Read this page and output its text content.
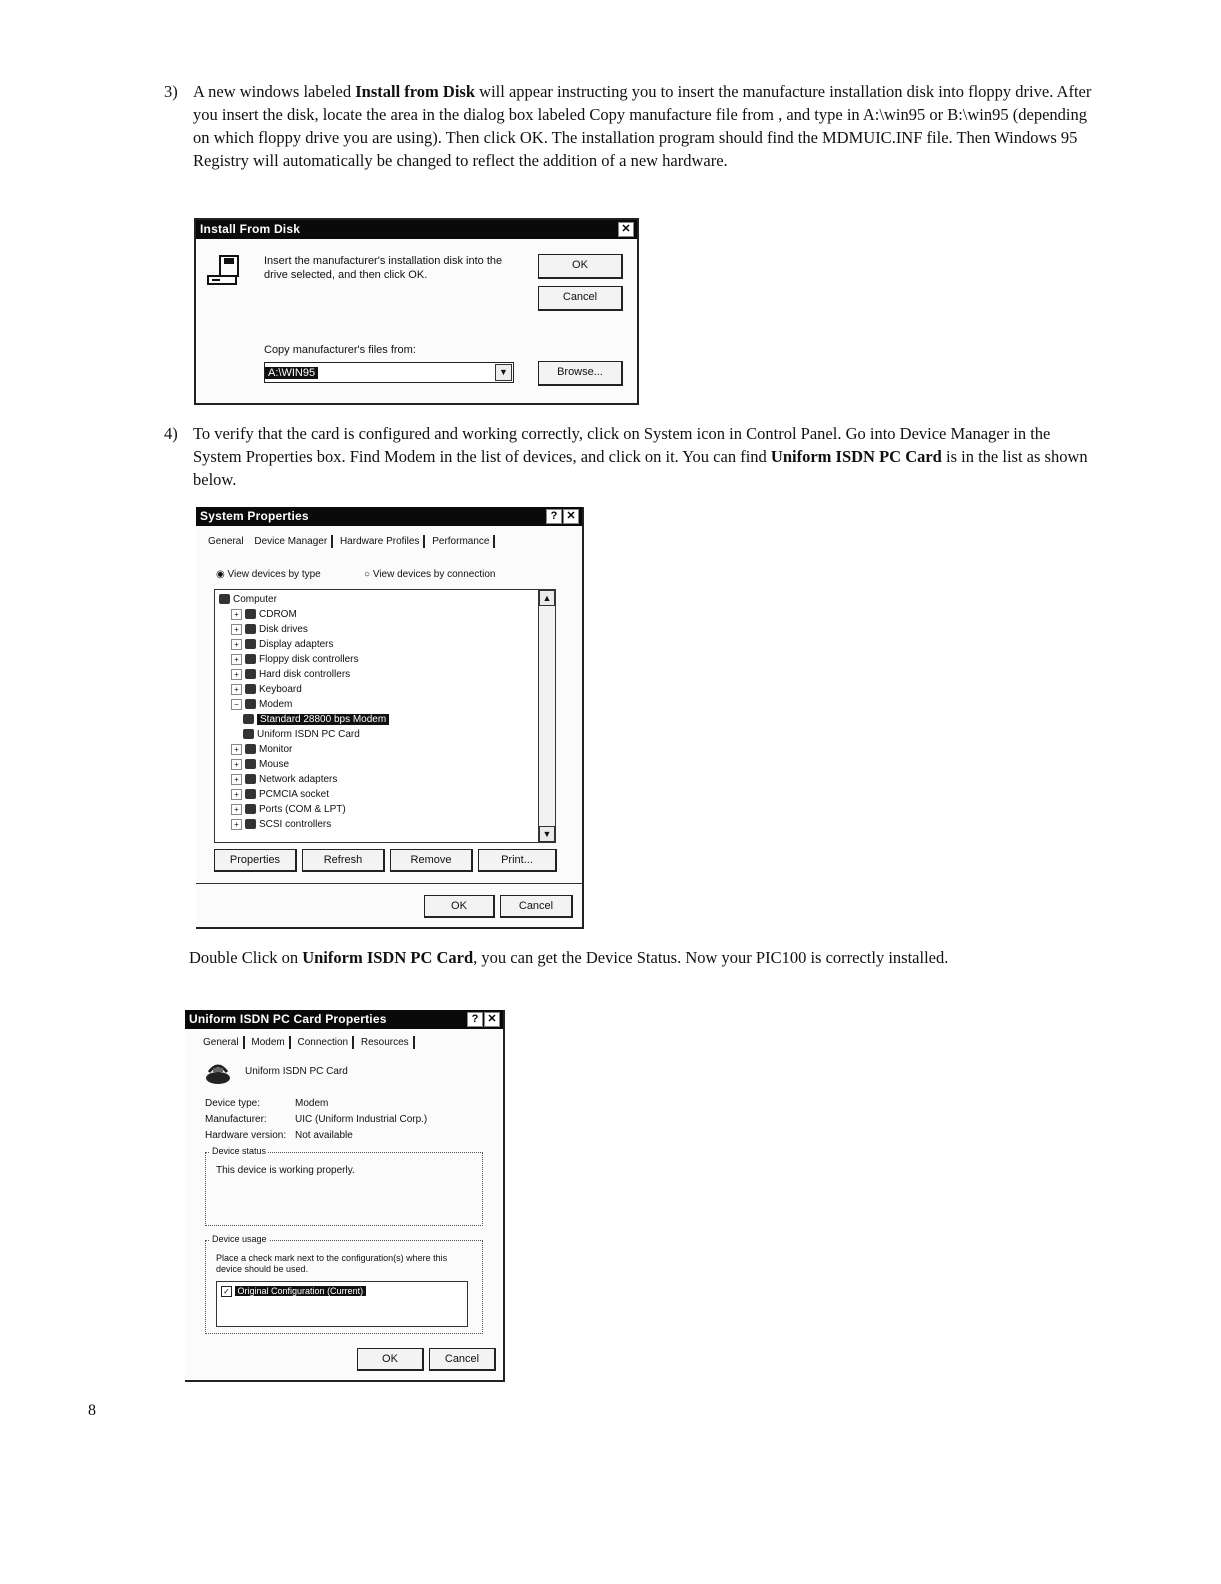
3) A new windows labeled Install from Disk will appear instructing you to insert the manufacture installation disk into floppy drive. After you insert the disk, locate the area in the dialog box labeled Copy manufacture file from , and type in A:\win95 or B:\win95 (depending on which floppy drive you are using). Then click OK. The installation program should find the MDMUIC.INF file. Then Windows 95 Registry will automatically be changed to reflect the addition of a new hardware.
Install From Disk	✕
Insert the manufacturer's installation disk into the drive selected, and then click OK.
OK
Cancel
Copy manufacturer's files from:
A:\WIN95	▼	Browse...
4) To verify that the card is configured and working correctly, click on System icon in Control Panel. Go into Device Manager in the System Properties box. Find Modem in the list of devices, and click on it. You can find Uniform ISDN PC Card is in the list as shown below.
System Properties	? ✕
General Device Manager Hardware Profiles Performance
◉ View devices by type	○ View devices by connection
Computer
+ CDROM
+ Disk drives
+ Display adapters
+ Floppy disk controllers
+ Hard disk controllers
+ Keyboard
− Modem
Standard 28800 bps Modem
Uniform ISDN PC Card
+ Monitor
+ Mouse
+ Network adapters
+ PCMCIA socket
+ Ports (COM & LPT)
+ SCSI controllers
▲
▼
Properties	Refresh	Remove	Print...
OK	Cancel
Double Click on Uniform ISDN PC Card, you can get the Device Status. Now your PIC100 is correctly installed.
Uniform ISDN PC Card Properties	? ✕
General Modem Connection Resources
Uniform ISDN PC Card
Device type:	Modem
Manufacturer:	UIC (Uniform Industrial Corp.)
Hardware version: Not available
Device status
This device is working properly.
Device usage
Place a check mark next to the configuration(s) where this device should be used.
✓ Original Configuration (Current)
OK	Cancel
8
